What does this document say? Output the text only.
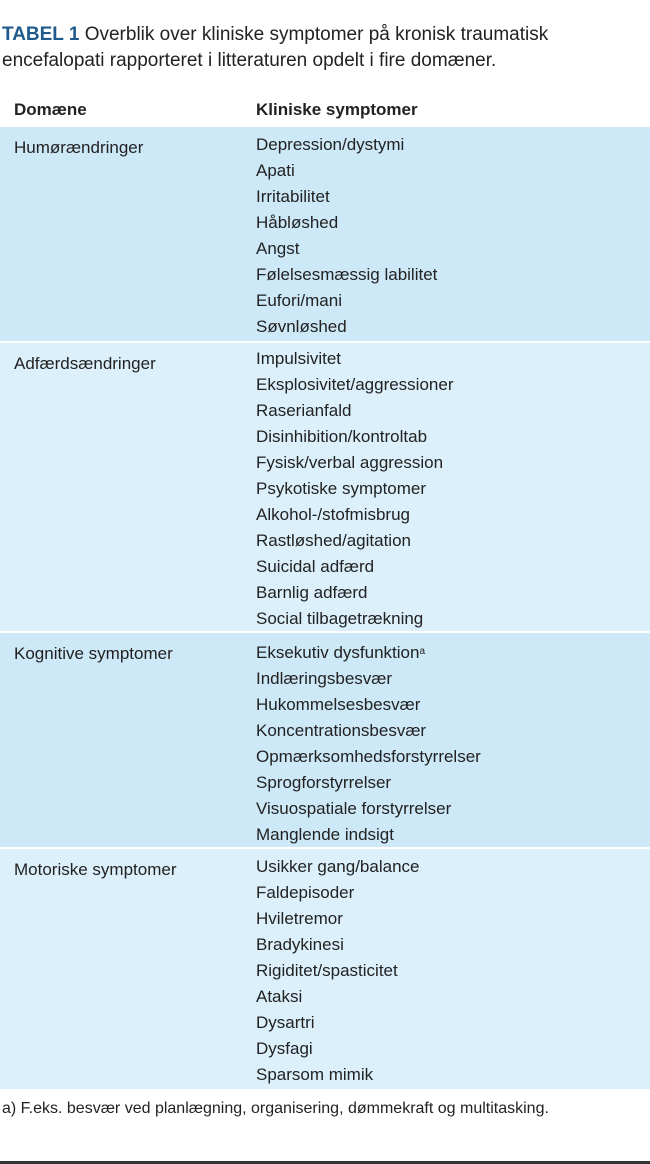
TABEL 1 Overblik over kliniske symptomer på kronisk traumatisk encefalopati rapporteret i litteraturen opdelt i fire domæner.
Domæne	Kliniske symptomer
Humørændringer	Depression/dystymi
Apati
Irritabilitet
Håbløshed
Angst
Følelsesmæssig labilitet
Eufori/mani
Søvnløshed
Adfærdsændringer	Impulsivitet
Eksplosivitet/aggressioner
Raserianfald
Disinhibition/kontroltab
Fysisk/verbal aggression
Psykotiske symptomer
Alkohol-/stofmisbrug
Rastløshed/agitation
Suicidal adfærd
Barnlig adfærd
Social tilbagetrækning
Kognitive symptomer	Eksekutiv dysfunktion$^a$
Indlæringsbesvær
Hukommelsesbesvær
Koncentrationsbesvær
Opmærksomhedsforstyrrelser
Sprogforstyrrelser
Visuospatiale forstyrrelser
Manglende indsigt
Motoriske symptomer	Usikker gang/balance
Faldepisoder
Hviletremor
Bradykinesi
Rigiditet/spasticitet
Ataksi
Dysartri
Dysfagi
Sparsom mimik
a) F.eks. besvær ved planlægning, organisering, dømmekraft og multitasking.
